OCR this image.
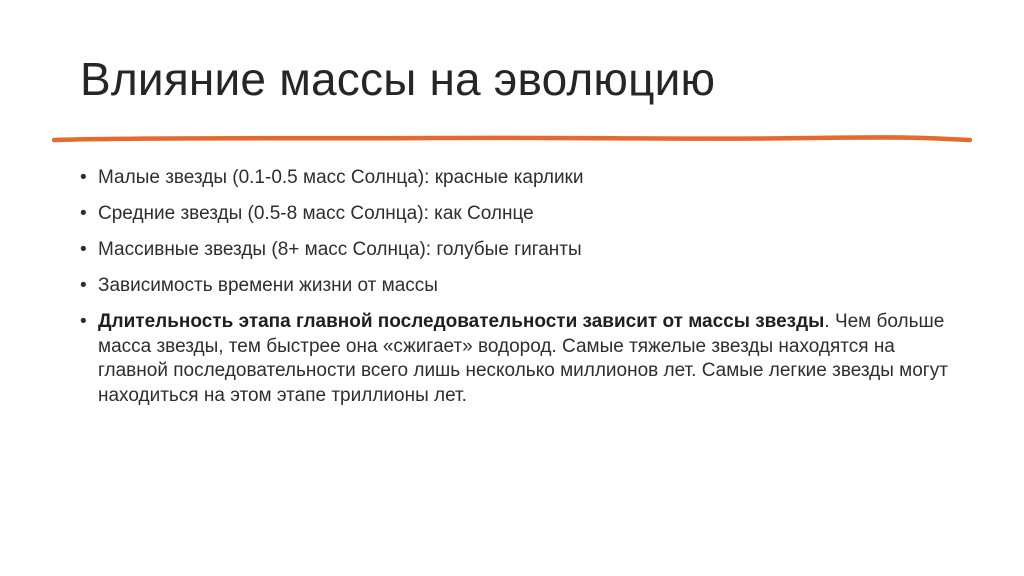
Влияние массы на эволюцию
• Малые звезды (0.1-0.5 масс Солнца): красные карлики
• Средние звезды (0.5-8 масс Солнца): как Солнце
• Массивные звезды (8+ масс Солнца): голубые гиганты
• Зависимость времени жизни от массы
• Длительность этапа главной последовательности зависит от массы звезды. Чем больше масса звезды, тем быстрее она «сжигает» водород. Самые тяжелые звезды находятся на главной последовательности всего лишь несколько миллионов лет. Самые легкие звезды могут находиться на этом этапе триллионы лет.
